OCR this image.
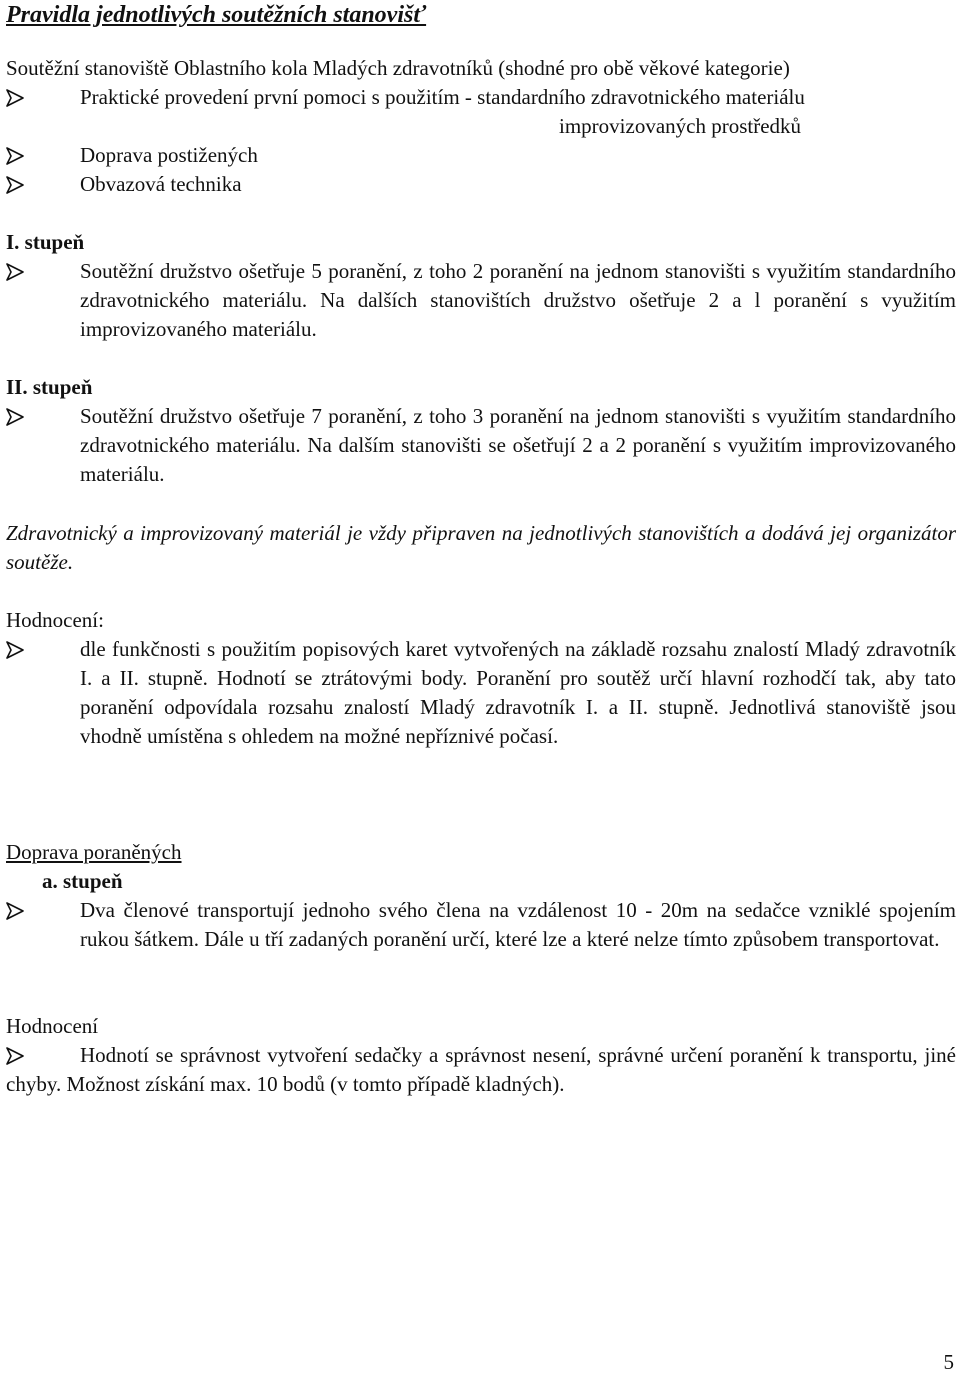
Pravidla jednotlivých soutěžních stanovišť
Soutěžní stanoviště Oblastního kola Mladých zdravotníků (shodné pro obě věkové kategorie)
Praktické provedení první pomoci s použitím - standardního zdravotnického materiálu
improvizovaných prostředků
Doprava postižených
Obvazová technika
I. stupeň
Soutěžní družstvo ošetřuje 5 poranění, z toho 2 poranění na jednom stanovišti s využitím standardního zdravotnického materiálu. Na dalších stanovištích družstvo ošetřuje 2 a l poranění s využitím improvizovaného materiálu.
II. stupeň
Soutěžní družstvo ošetřuje 7 poranění, z toho 3 poranění na jednom stanovišti s využitím standardního zdravotnického materiálu. Na dalším stanovišti se ošetřují 2 a 2 poranění s využitím improvizovaného materiálu.
Zdravotnický a improvizovaný materiál je vždy připraven na jednotlivých stanovištích a dodává jej organizátor soutěže.
Hodnocení:
dle funkčnosti s použitím popisových karet vytvořených na základě rozsahu znalostí Mladý zdravotník I. a II. stupně. Hodnotí se ztrátovými body. Poranění pro soutěž určí hlavní rozhodčí tak, aby tato poranění odpovídala rozsahu znalostí Mladý zdravotník I. a II. stupně. Jednotlivá stanoviště jsou vhodně umístěna s ohledem na možné nepříznivé počasí.
Doprava poraněných
a. stupeň
Dva členové transportují jednoho svého člena na vzdálenost 10 - 20m na sedačce vzniklé spojením rukou šátkem. Dále u tří zadaných poranění určí, které lze a které nelze tímto způsobem transportovat.
Hodnocení
Hodnotí se správnost vytvoření sedačky a správnost nesení, správné určení poranění k transportu, jiné chyby. Možnost získání max. 10 bodů (v tomto případě kladných).
5
